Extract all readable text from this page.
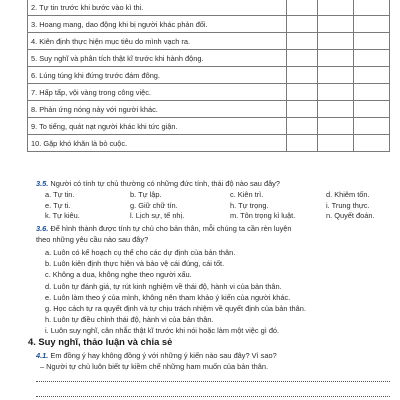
2. Tự tin trước khi bước vào kì thi.			
3. Hoang mang, dao động khi bị người khác phản đối.			
4. Kiên định thực hiện mục tiêu do mình vạch ra.			
5. Suy nghĩ và phân tích thật kĩ trước khi hành động.			
6. Lúng túng khi đứng trước đám đông.			
7. Hấp tấp, vội vàng trong công việc.			
8. Phản ứng nóng nảy với người khác.			
9. To tiếng, quát nạt người khác khi tức giận.			
10. Gặp khó khăn là bỏ cuộc.			
3.5. Người có tính tự chủ thường có những đức tính, thái độ nào sau đây?
a. Tự tin.	b. Tự lập.	c. Kiên trì.	d. Khiêm tốn.
e. Tự ti.	g. Giữ chữ tín.	h. Tự trọng.	i. Trung thực.
k. Tự kiêu.	l. Lịch sự, tế nhị.	m. Tôn trọng kỉ luật.	n. Quyết đoán.
3.6. Để hình thành được tính tự chủ cho bản thân, mỗi chúng ta cần rèn luyện
theo những yêu cầu nào sau đây?
a. Luôn có kế hoạch cụ thể cho các dự định của bản thân.
b. Luôn kiên định thực hiện và bảo vệ cái đúng, cái tốt.
c. Không a dua, không nghe theo người xấu.
d. Luôn tự đánh giá, tự rút kinh nghiệm về thái độ, hành vi của bản thân.
e. Luôn làm theo ý của mình, không nên tham khảo ý kiến của người khác.
g. Học cách tự ra quyết định và tự chịu trách nhiệm về quyết định của bản thân.
h. Luôn tự điều chỉnh thái độ, hành vi của bản thân.
i. Luôn suy nghĩ, cân nhắc thật kĩ trước khi nói hoặc làm một việc gì đó.
4. Suy nghĩ, thảo luận và chia sẻ
4.1. Em đồng ý hay không đồng ý với những ý kiến nào sau đây? Vì sao?
– Người tự chủ luôn biết tự kiềm chế những ham muốn của bản thân.
